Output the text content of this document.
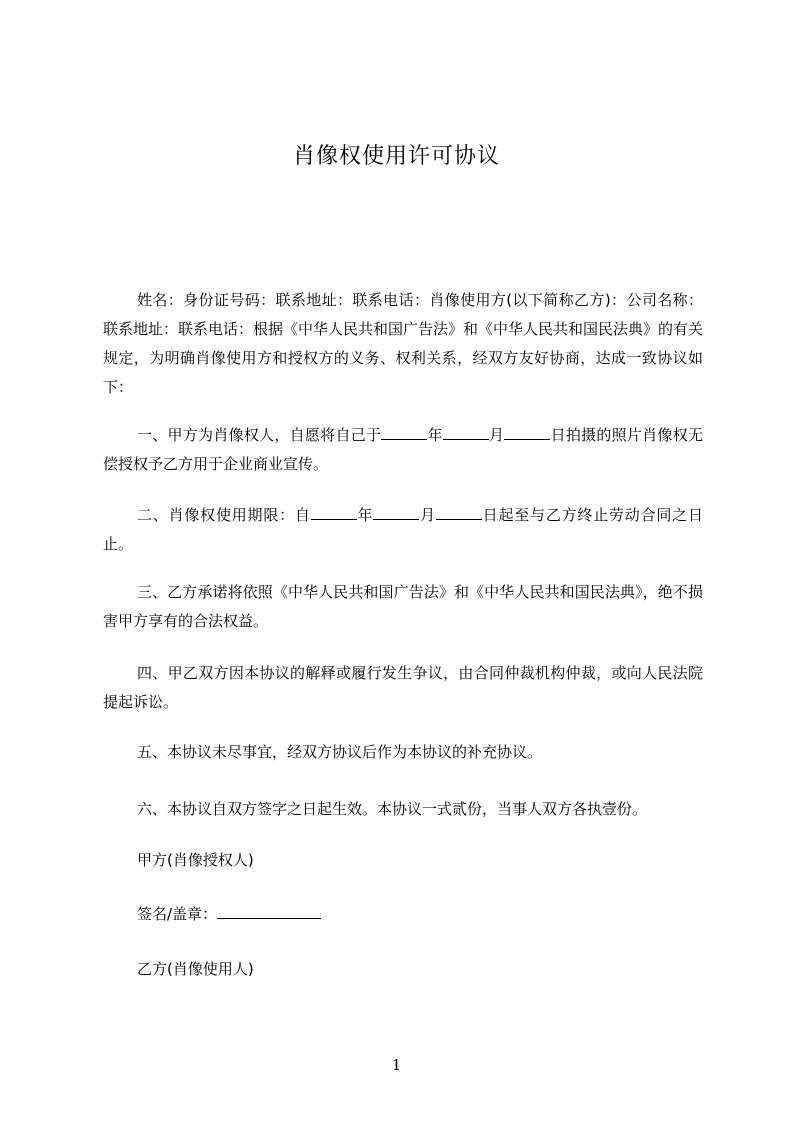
肖像权使用许可协议
姓名：身份证号码：联系地址：联系电话：肖像使用方(以下简称乙方)：公司名称：联系地址：联系电话：根据《中华人民共和国广告法》和《中华人民共和国民法典》的有关规定，为明确肖像使用方和授权方的义务、权利关系，经双方友好协商，达成一致协议如下：
一、甲方为肖像权人，自愿将自己于	年	月	日拍摄的照片肖像权无偿授权予乙方用于企业商业宣传。
二、肖像权使用期限：自	年	月	日起至与乙方终止劳动合同之日止。
三、乙方承诺将依照《中华人民共和国广告法》和《中华人民共和国民法典》，绝不损害甲方享有的合法权益。
四、甲乙双方因本协议的解释或履行发生争议，由合同仲裁机构仲裁，或向人民法院提起诉讼。
五、本协议未尽事宜，经双方协议后作为本协议的补充协议。
六、本协议自双方签字之日起生效。本协议一式贰份，当事人双方各执壹份。
甲方(肖像授权人)
签名/盖章：
乙方(肖像使用人)
1
